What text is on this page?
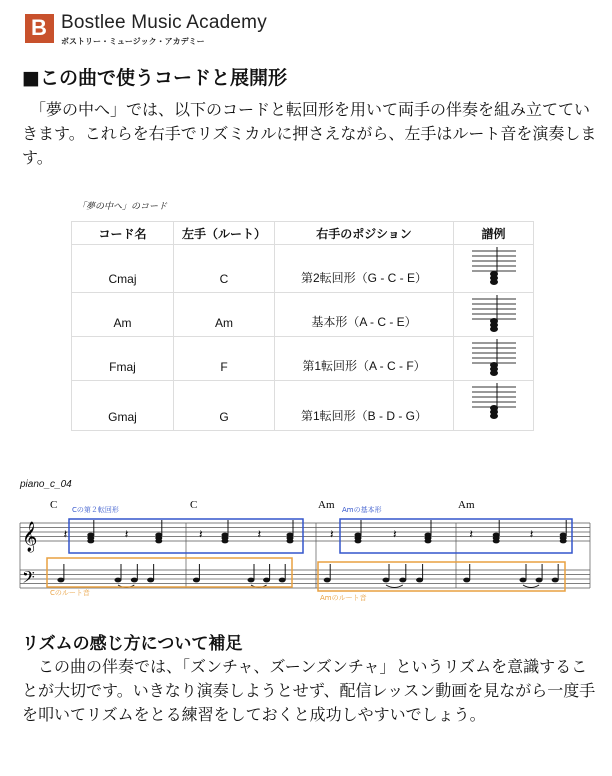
B Bostlee Music Academy
ボストリー・ミュージック・アカデミー
■この曲で使うコードと展開形

　「夢の中へ」では、以下のコードと転回形を用いて両手の伴奏を組み立てていきます。これらを右手でリズミカルに押さえながら、左手はルート音を演奏します。

「夢の中へ」のコード
コード名	左手（ルート）	右手のポジション	譜例
Cmaj	C	第2転回形（G - C - E）	
Am	Am	基本形（A - C - E）	
Fmaj	F	第1転回形（A - C - F）	
Gmaj	G	第1転回形（B - D - G）	
piano_c_04
𝄞
𝄢
𝄽	𝄽	𝄽	𝄽	𝄽	𝄽	𝄽	𝄽
C	C	Am	Am
Cの第２転回形	Amの基本形
Cのルート音
Amのルート音
リズムの感じ方について補足

　この曲の伴奏では、「ズンチャ、ズーンズンチャ」というリズムを意識することが大切です。いきなり演奏しようとせず、配信レッスン動画を見ながら一度手を叩いてリズムをとる練習をしておくと成功しやすいでしょう。
